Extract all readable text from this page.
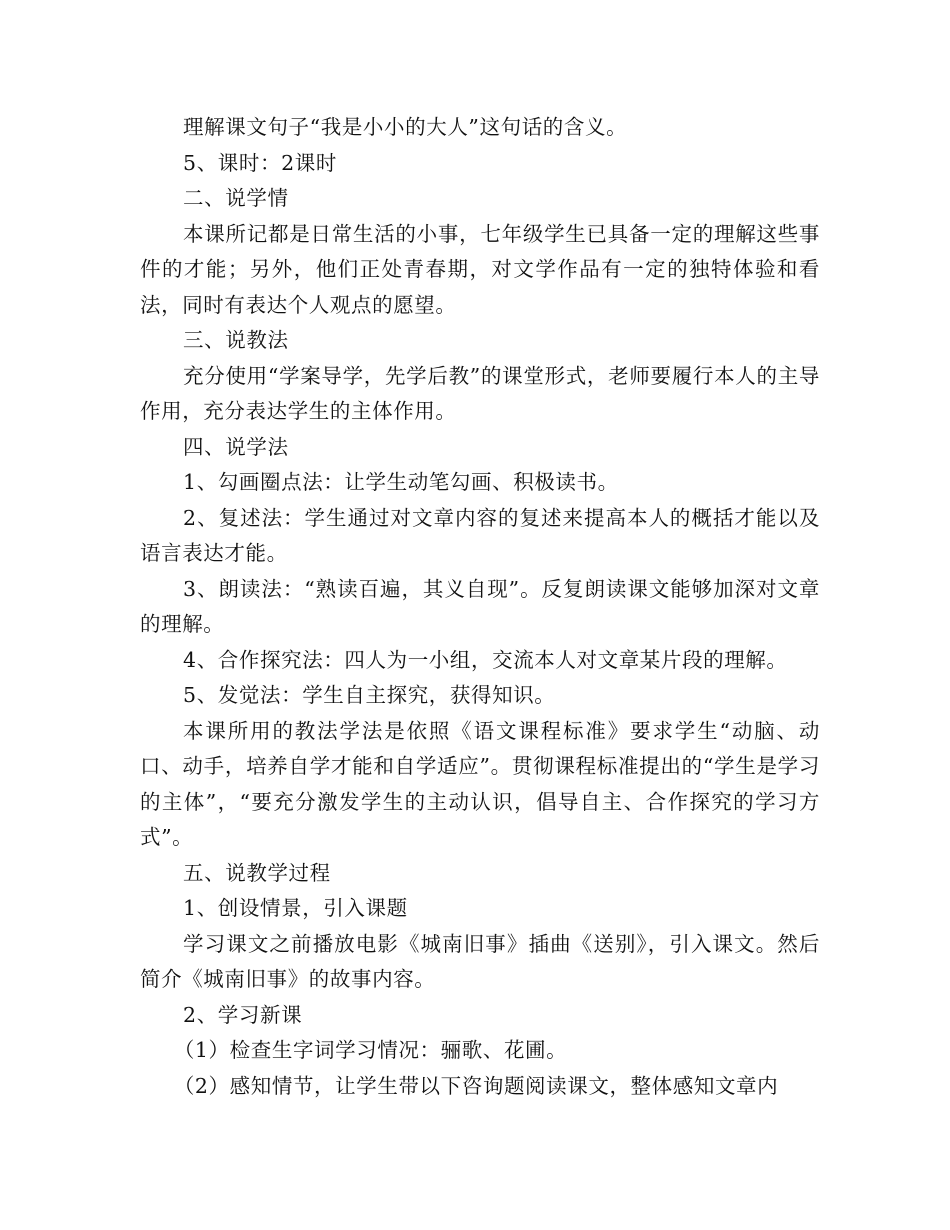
理解课文句子“我是小小的大人”这句话的含义。

5、课时：2课时

二、说学情

本课所记都是日常生活的小事，七年级学生已具备一定的理解这些事件的才能；另外，他们正处青春期，对文学作品有一定的独特体验和看法，同时有表达个人观点的愿望。

三、说教法

充分使用“学案导学，先学后教”的课堂形式，老师要履行本人的主导作用，充分表达学生的主体作用。

四、说学法

1、勾画圈点法：让学生动笔勾画、积极读书。

2、复述法：学生通过对文章内容的复述来提高本人的概括才能以及语言表达才能。

3、朗读法：“熟读百遍，其义自现”。反复朗读课文能够加深对文章的理解。

4、合作探究法：四人为一小组，交流本人对文章某片段的理解。

5、发觉法：学生自主探究，获得知识。

本课所用的教法学法是依照《语文课程标准》要求学生“动脑、动口、动手，培养自学才能和自学适应”。贯彻课程标准提出的“学生是学习的主体”，“要充分激发学生的主动认识，倡导自主、合作探究的学习方式”。

五、说教学过程

1、创设情景，引入课题

学习课文之前播放电影《城南旧事》插曲《送别》，引入课文。然后简介《城南旧事》的故事内容。

2、学习新课

（1）检查生字词学习情况：骊歌、花圃。

（2）感知情节，让学生带以下咨询题阅读课文，整体感知文章内
